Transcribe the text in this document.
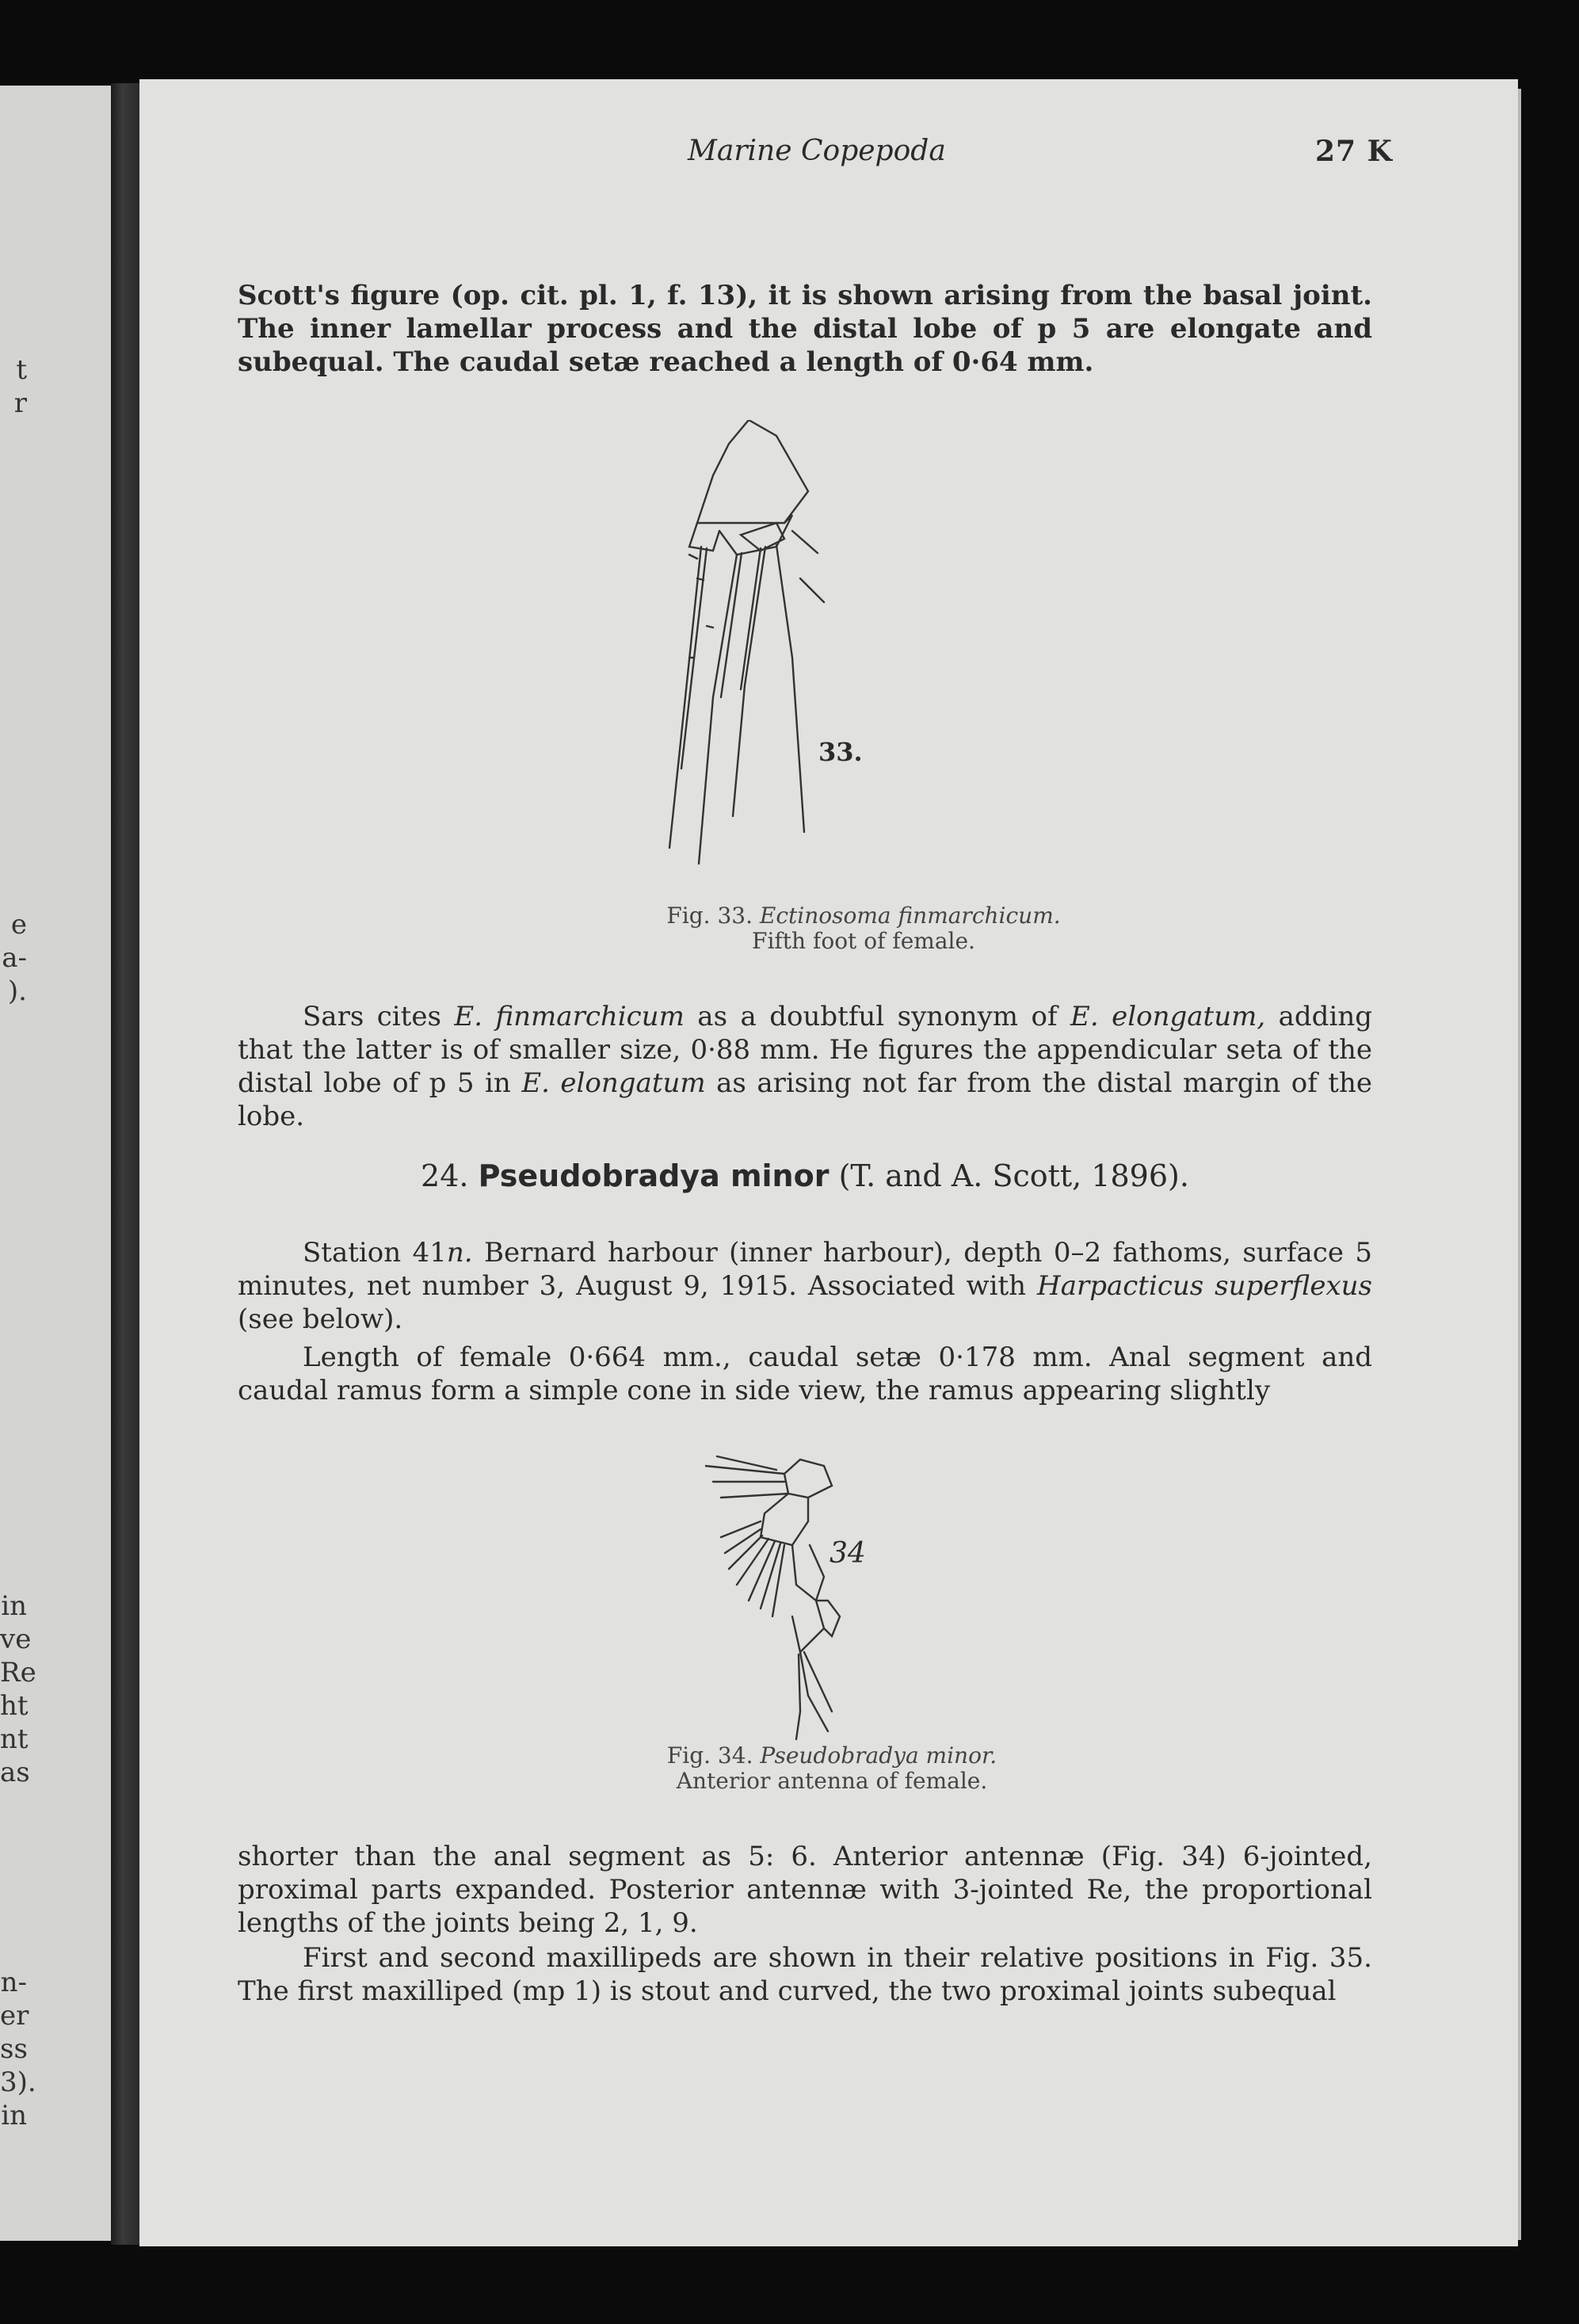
t
r
e
a-
).
in
ve
Re
ht
nt
as
n-
er
ss
3).
in
Marine Copepoda	27 K
Scott's figure (op. cit. pl. 1, f. 13), it is shown arising from the basal joint. The inner lamellar process and the distal lobe of p 5 are elongate and subequal. The caudal setæ reached a length of 0·64 mm.
33.
Fig. 33. Ectinosoma finmarchicum.
Fifth foot of female.
Sars cites E. finmarchicum as a doubtful synonym of E. elongatum, adding that the latter is of smaller size, 0·88 mm. He figures the appendicular seta of the distal lobe of p 5 in E. elongatum as arising not far from the distal margin of the lobe.
24. Pseudobradya minor (T. and A. Scott, 1896).
Station 41n. Bernard harbour (inner harbour), depth 0–2 fathoms, surface 5 minutes, net number 3, August 9, 1915. Associated with Harpacticus superflexus (see below).
Length of female 0·664 mm., caudal setæ 0·178 mm. Anal segment and caudal ramus form a simple cone in side view, the ramus appearing slightly
34
Fig. 34. Pseudobradya minor.
Anterior antenna of female.
shorter than the anal segment as 5: 6. Anterior antennæ (Fig. 34) 6-jointed, proximal parts expanded. Posterior antennæ with 3-jointed Re, the proportional lengths of the joints being 2, 1, 9.
First and second maxillipeds are shown in their relative positions in Fig. 35. The first maxilliped (mp 1) is stout and curved, the two proximal joints subequal
